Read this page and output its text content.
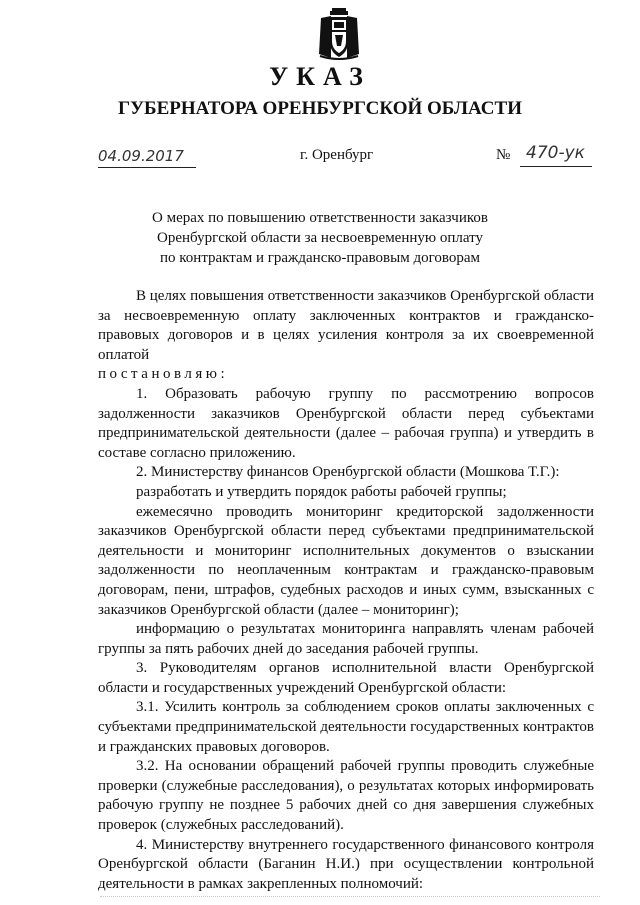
УКАЗ
ГУБЕРНАТОРА ОРЕНБУРГСКОЙ ОБЛАСТИ
04.09.2017	г. Оренбург	№ 470-ук
О мерах по повышению ответственности заказчиков
Оренбургской области за несвоевременную оплату
по контрактам и гражданско-правовым договорам

В целях повышения ответственности заказчиков Оренбургской области за несвоевременную оплату заключенных контрактов и гражданско-правовых договоров и в целях усиления контроля за их своевременной оплатой

постановляю:

1. Образовать рабочую группу по рассмотрению вопросов задолженности заказчиков Оренбургской области перед субъектами предпринимательской деятельности (далее – рабочая группа) и утвердить в составе согласно приложению.

2. Министерству финансов Оренбургской области (Мошкова Т.Г.):

разработать и утвердить порядок работы рабочей группы;

ежемесячно проводить мониторинг кредиторской задолженности заказчиков Оренбургской области перед субъектами предпринимательской деятельности и мониторинг исполнительных документов о взыскании задолженности по неоплаченным контрактам и гражданско-правовым договорам, пени, штрафов, судебных расходов и иных сумм, взысканных с заказчиков Оренбургской области (далее – мониторинг);

информацию о результатах мониторинга направлять членам рабочей группы за пять рабочих дней до заседания рабочей группы.

3. Руководителям органов исполнительной власти Оренбургской области и государственных учреждений Оренбургской области:

3.1. Усилить контроль за соблюдением сроков оплаты заключенных с субъектами предпринимательской деятельности государственных контрактов и гражданских правовых договоров.

3.2. На основании обращений рабочей группы проводить служебные проверки (служебные расследования), о результатах которых информировать рабочую группу не позднее 5 рабочих дней со дня завершения служебных проверок (служебных расследований).

4. Министерству внутреннего государственного финансового контроля Оренбургской области (Баганин Н.И.) при осуществлении контрольной деятельности в рамках закрепленных полномочий:
